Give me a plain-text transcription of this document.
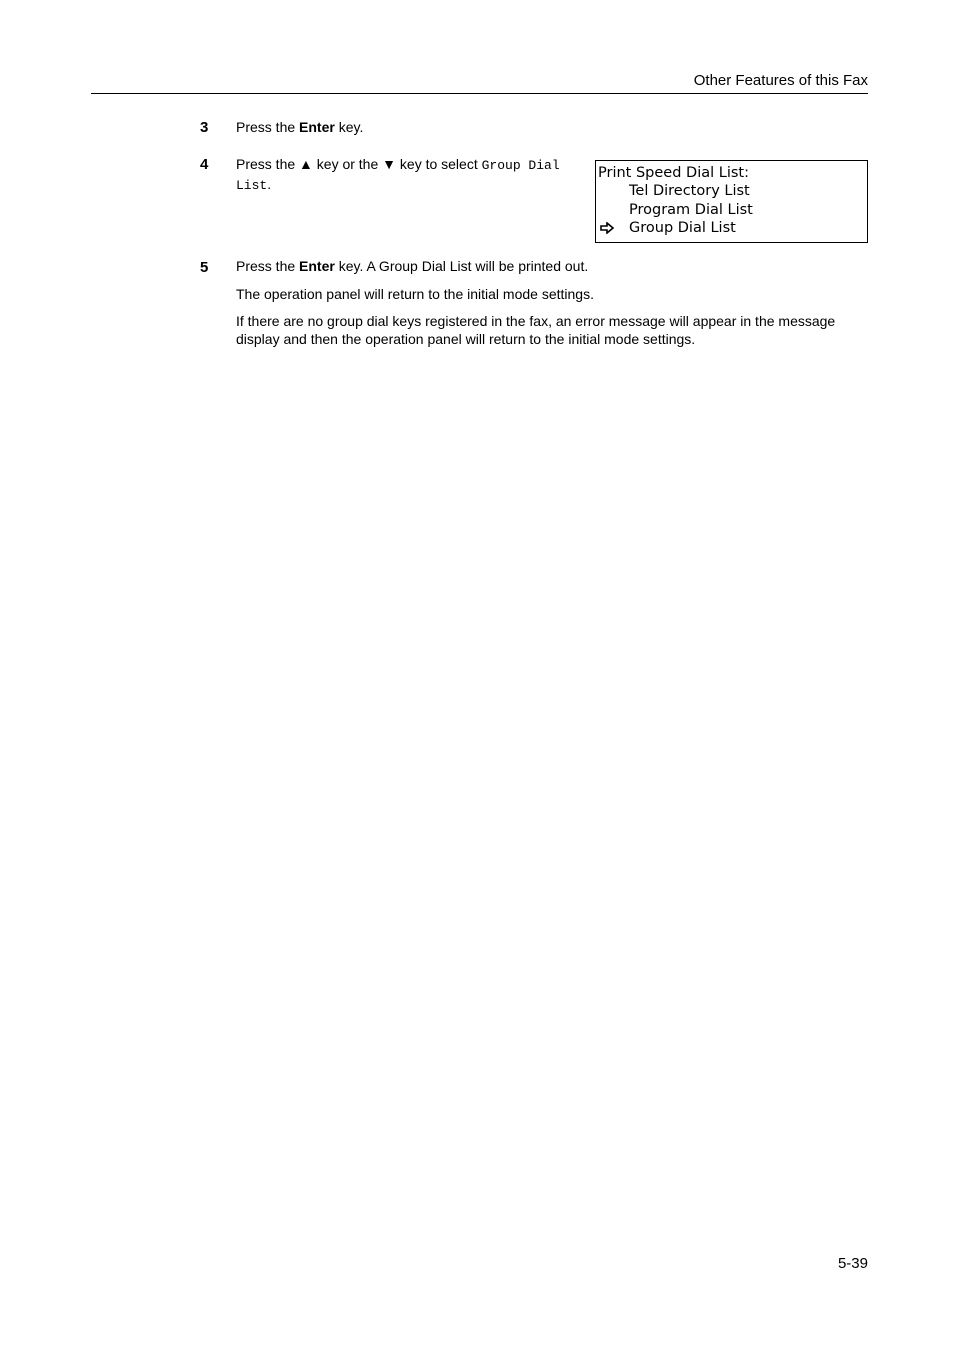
Other Features of this Fax
3 Press the Enter key.
4 Press the ▲ key or the ▼ key to select Group Dial List.
Print Speed Dial List:
Tel Directory List
Program Dial List
Group Dial List
5 Press the Enter key. A Group Dial List will be printed out.
The operation panel will return to the initial mode settings.
If there are no group dial keys registered in the fax, an error message will appear in the message display and then the operation panel will return to the initial mode settings.
5-39
